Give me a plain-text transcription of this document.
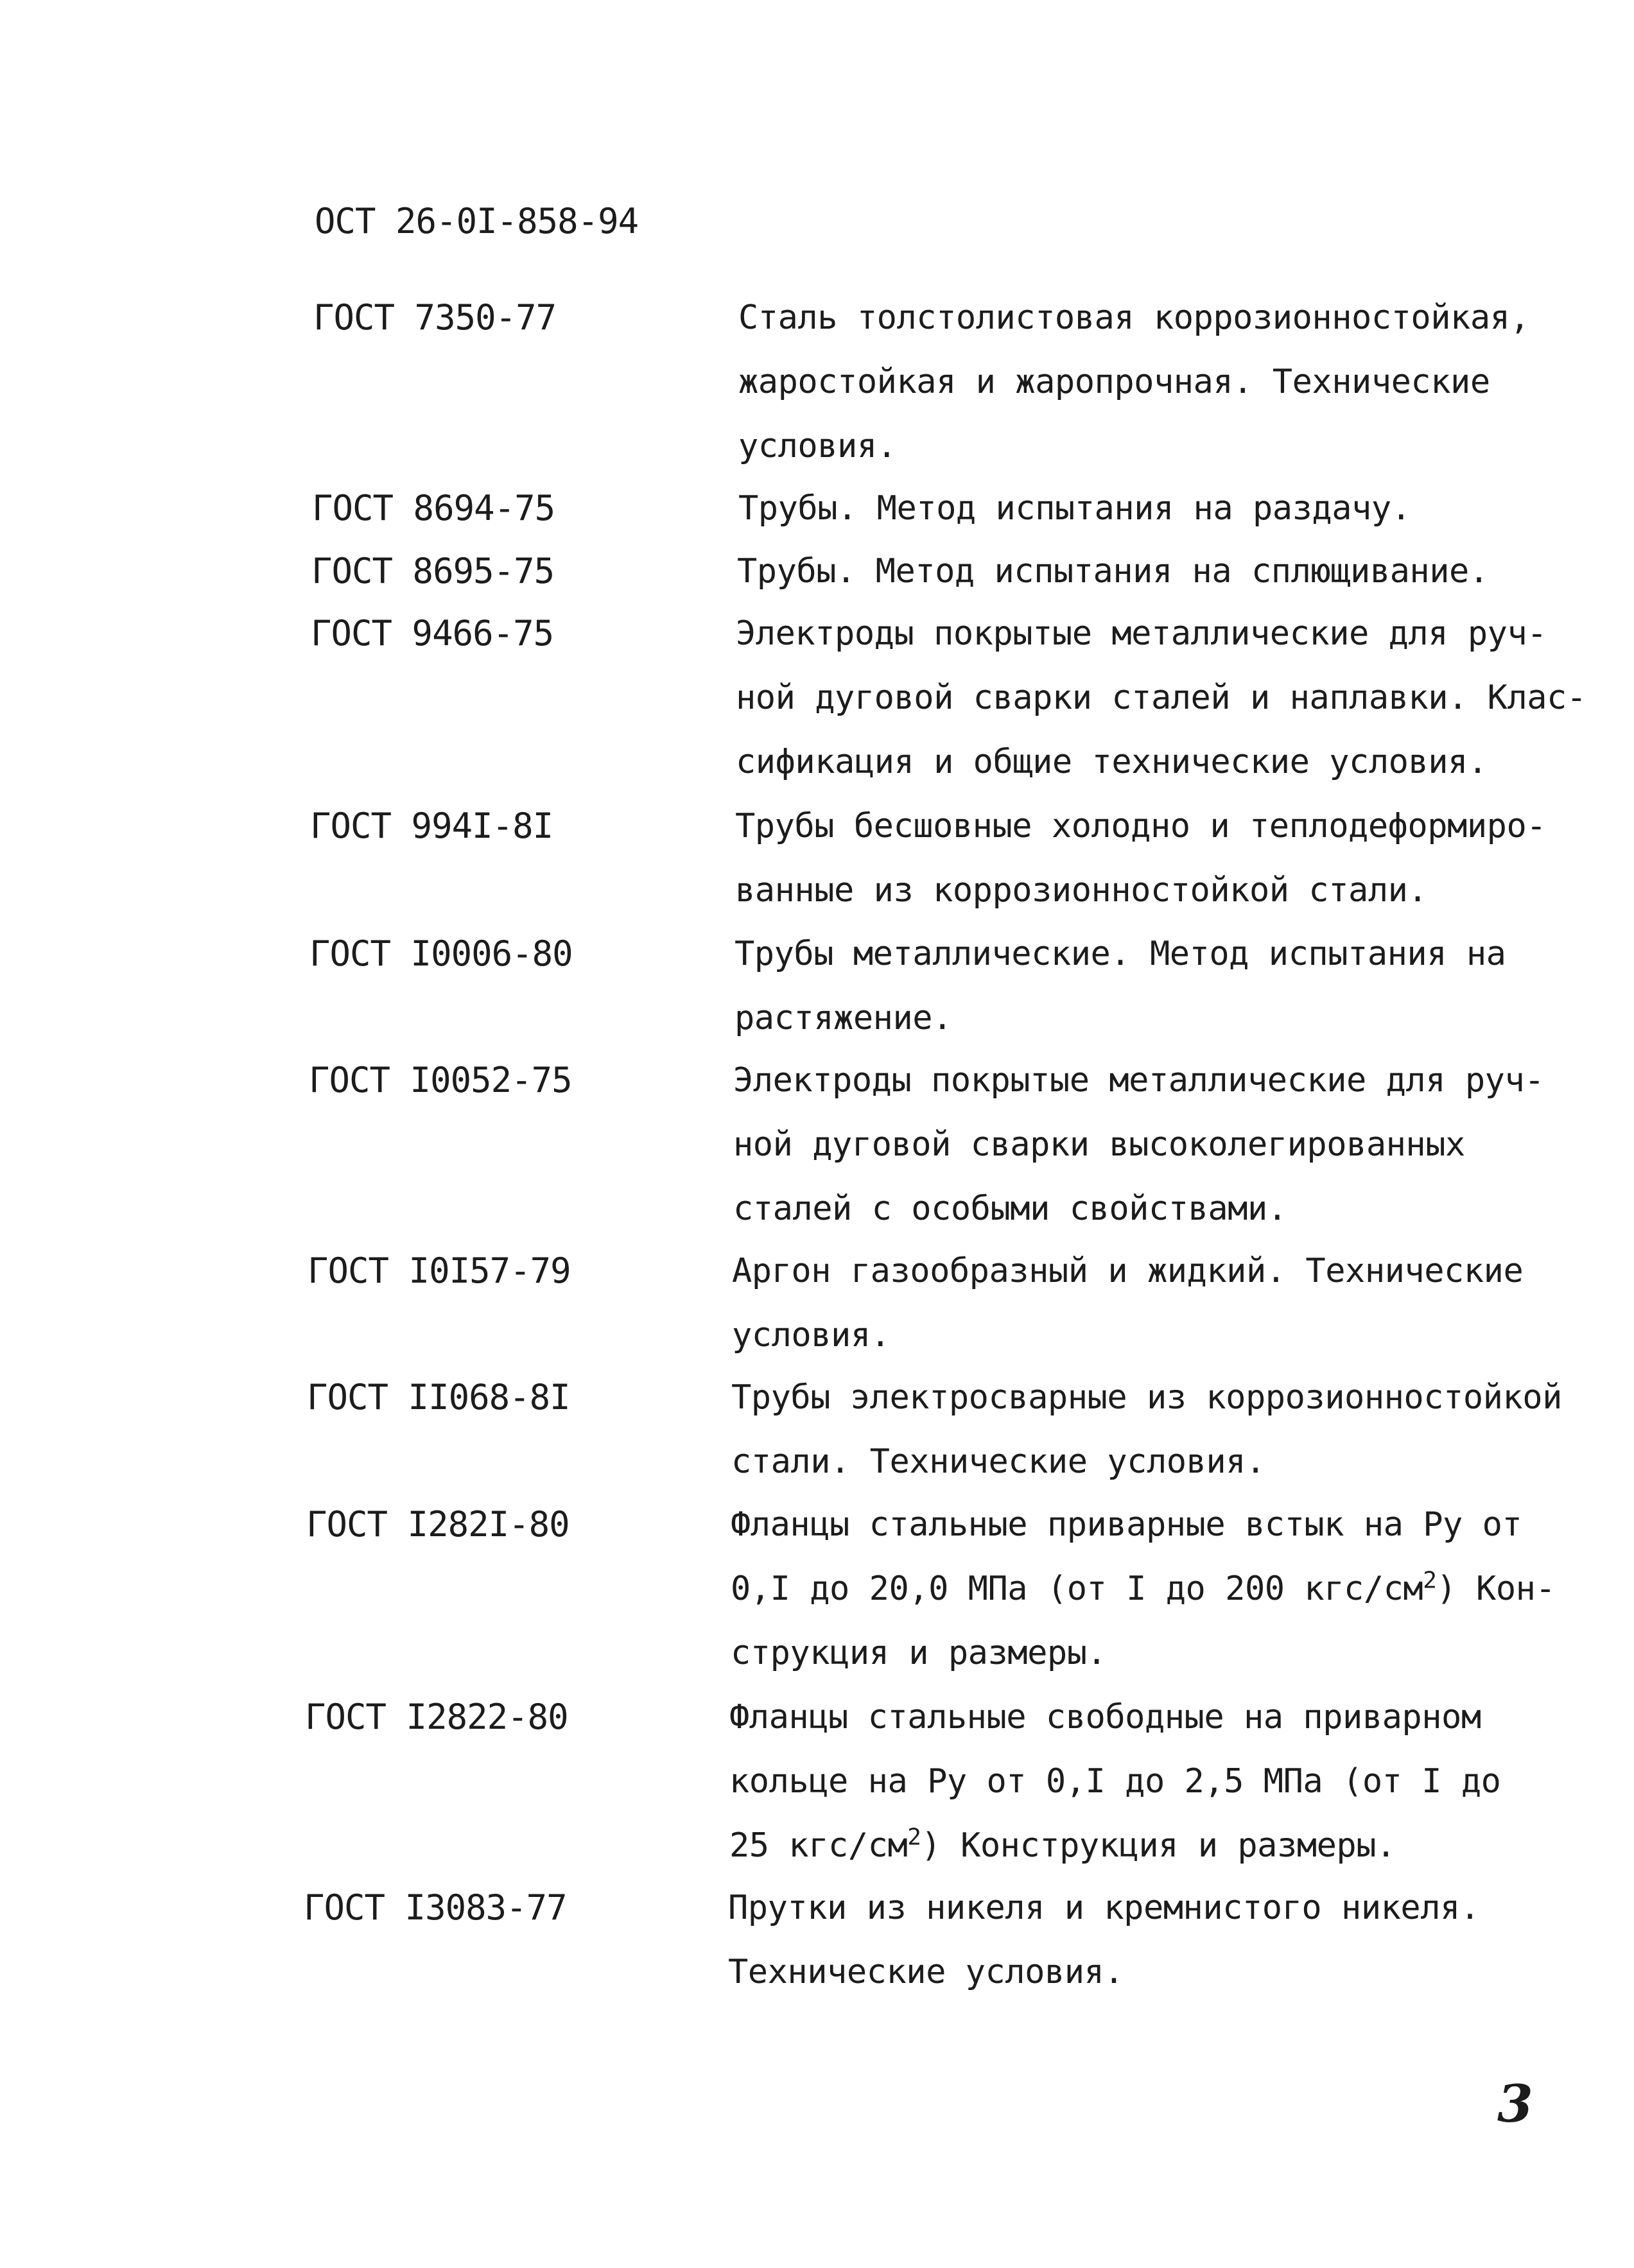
ОСТ 26-0I-858-94
ГОСТ 7350-77	Сталь толстолистовая коррозионностойкая,
жаростойкая и жаропрочная. Технические
условия.
ГОСТ 8694-75	Трубы. Метод испытания на раздачу.
ГОСТ 8695-75	Трубы. Метод испытания на сплющивание.
ГОСТ 9466-75	Электроды покрытые металлические для руч-
ной дуговой сварки сталей и наплавки. Клас-
сификация и общие технические условия.
ГОСТ 994I-8I	Трубы бесшовные холодно и теплодеформиро-
ванные из коррозионностойкой стали.
ГОСТ I0006-80	Трубы металлические. Метод испытания на
растяжение.
ГОСТ I0052-75	Электроды покрытые металлические для руч-
ной дуговой сварки высоколегированных
сталей с особыми свойствами.
ГОСТ I0I57-79	Аргон газообразный и жидкий. Технические
условия.
ГОСТ II068-8I	Трубы электросварные из коррозионностойкой
стали. Технические условия.
ГОСТ I282I-80	Фланцы стальные приварные встык на Ру от
0,I до 20,0 МПа (от I до 200 кгс/$см^2$) Кон-
струкция и размеры.
ГОСТ I2822-80	Фланцы стальные свободные на приварном
кольце на Ру от 0,I до 2,5 МПа (от I до
25 кгс/$см^2$) Конструкция и размеры.
ГОСТ I3083-77	Прутки из никеля и кремнистого никеля.
Технические условия.
3
